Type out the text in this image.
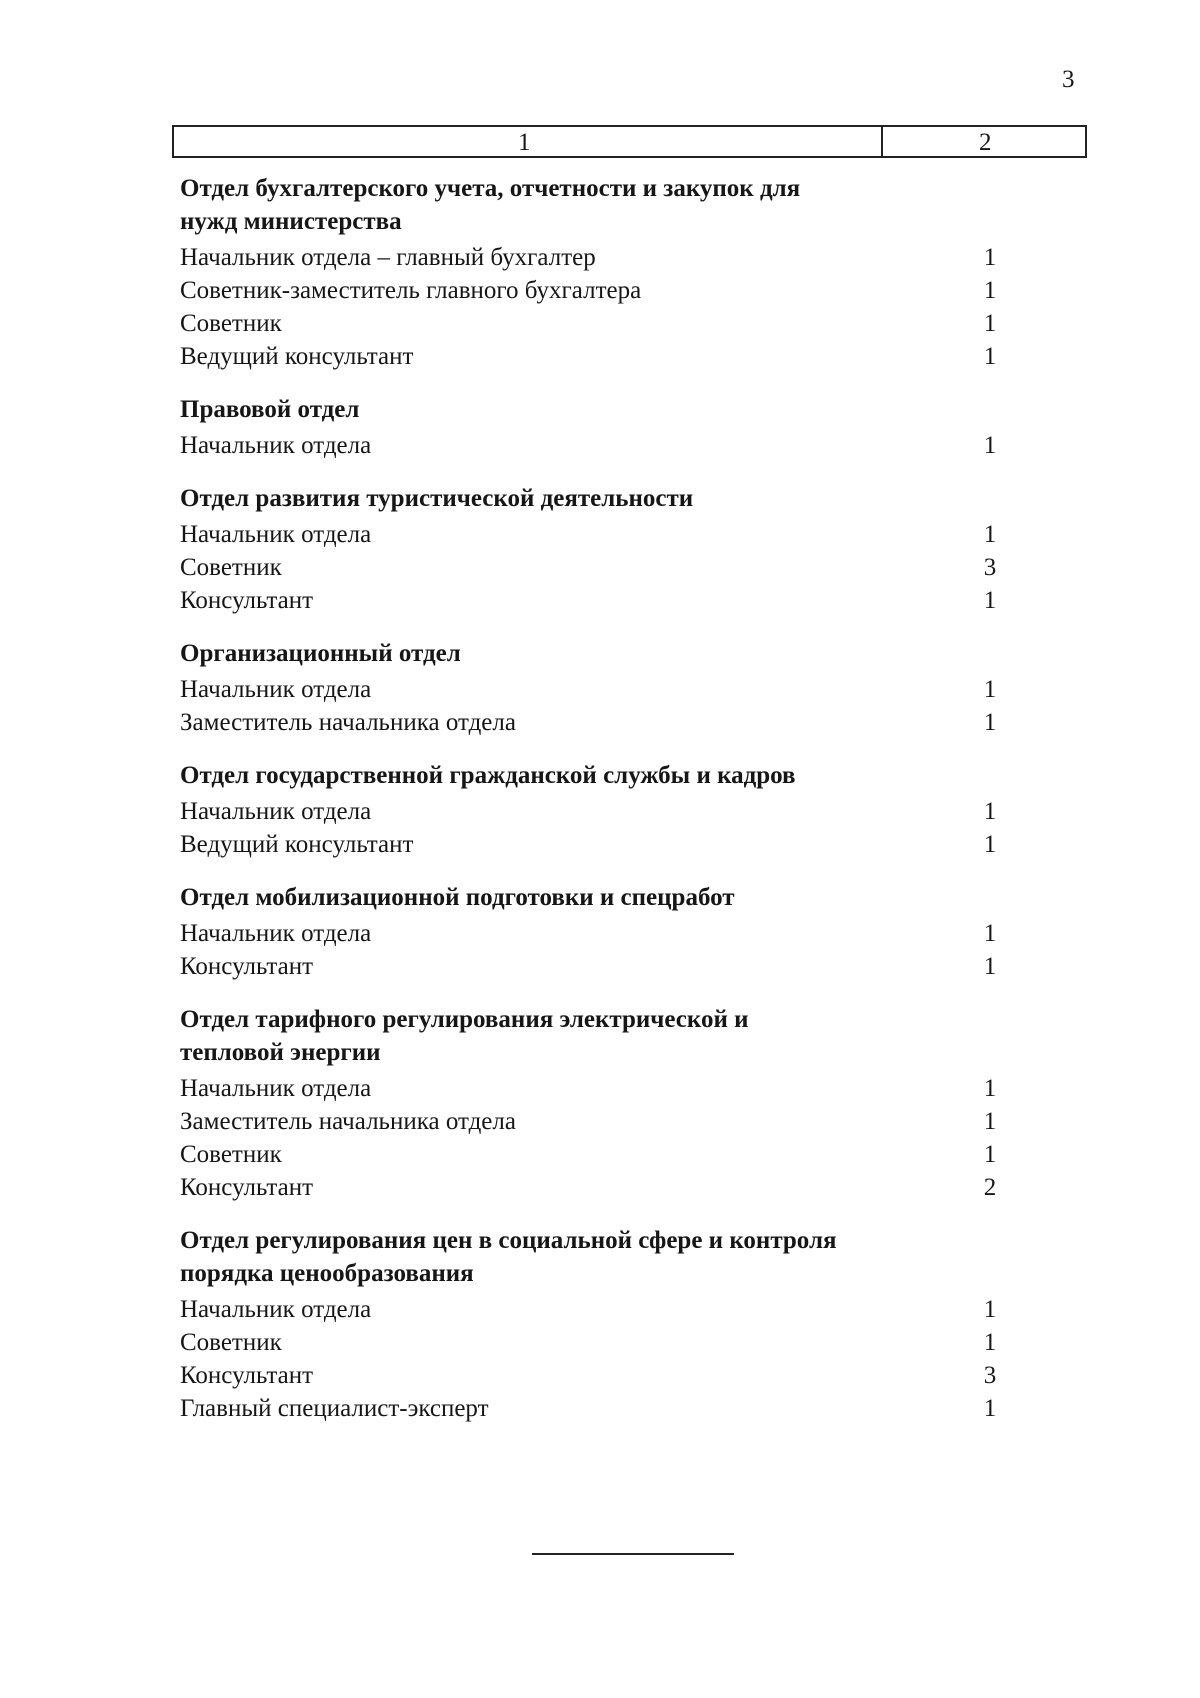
3
1	2
Отдел бухгалтерского учета, отчетности и закупок для нужд министерства
Начальник отдела – главный бухгалтер	1
Советник-заместитель главного бухгалтера	1
Советник	1
Ведущий консультант	1
Правовой отдел
Начальник отдела	1
Отдел развития туристической деятельности
Начальник отдела	1
Советник	3
Консультант	1
Организационный отдел
Начальник отдела	1
Заместитель начальника отдела	1
Отдел государственной гражданской службы и кадров
Начальник отдела	1
Ведущий консультант	1
Отдел мобилизационной подготовки и спецработ
Начальник отдела	1
Консультант	1
Отдел тарифного регулирования электрической и тепловой энергии
Начальник отдела	1
Заместитель начальника отдела	1
Советник	1
Консультант	2
Отдел регулирования цен в социальной сфере и контроля порядка ценообразования
Начальник отдела	1
Советник	1
Консультант	3
Главный специалист-эксперт	1
